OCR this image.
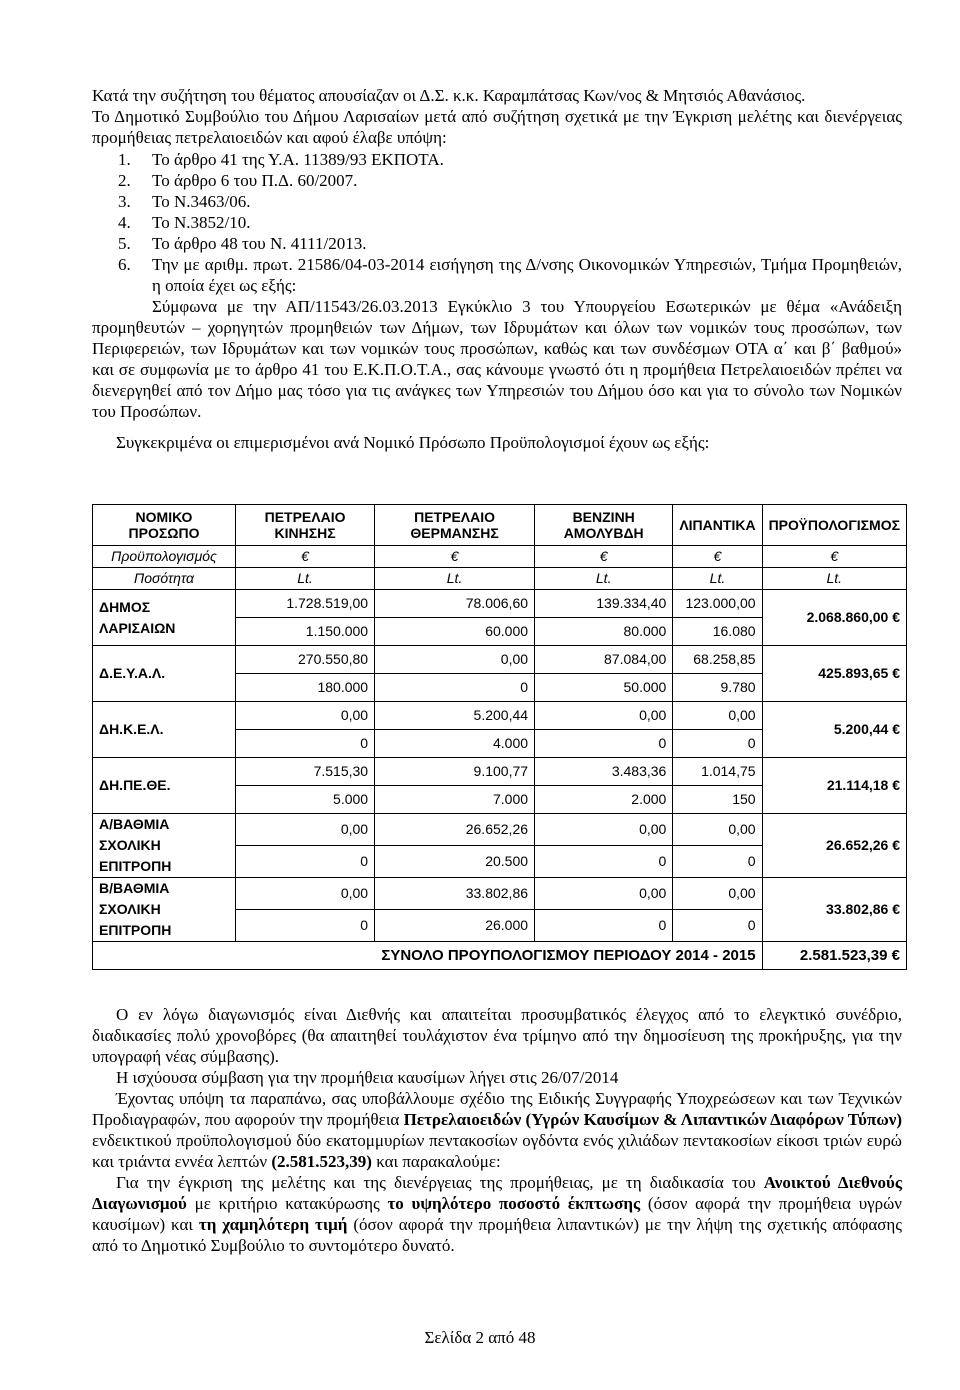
Κατά την συζήτηση του θέματος απουσίαζαν οι Δ.Σ. κ.κ. Καραμπάτσας Κων/νος & Μητσιός Αθανάσιος.

Το Δημοτικό Συμβούλιο του Δήμου Λαρισαίων μετά από συζήτηση σχετικά με την Έγκριση μελέτης και διενέργειας προμήθειας πετρελαιοειδών και αφού έλαβε υπόψη:

1. Το άρθρο 41 της Υ.Α. 11389/93 ΕΚΠΟΤΑ.
2. Το άρθρο 6 του Π.Δ. 60/2007.
3. Το Ν.3463/06.
4. Το Ν.3852/10.
5. Το άρθρο 48 του Ν. 4111/2013.
6. Την με αριθμ. πρωτ. 21586/04-03-2014 εισήγηση της Δ/νσης Οικονομικών Υπηρεσιών, Τμήμα Προμηθειών, η οποία έχει ως εξής:

Σύμφωνα με την ΑΠ/11543/26.03.2013 Εγκύκλιο 3 του Υπουργείου Εσωτερικών με θέμα «Ανάδειξη προμηθευτών – χορηγητών προμηθειών των Δήμων, των Ιδρυμάτων και όλων των νομικών τους προσώπων, των Περιφερειών, των Ιδρυμάτων και των νομικών τους προσώπων, καθώς και των συνδέσμων ΟΤΑ α΄ και β΄ βαθμού» και σε συμφωνία με το άρθρο 41 του Ε.Κ.Π.Ο.Τ.Α., σας κάνουμε γνωστό ότι η προμήθεια Πετρελαιοειδών πρέπει να διενεργηθεί από τον Δήμο μας τόσο για τις ανάγκες των Υπηρεσιών του Δήμου όσο και για το σύνολο των Νομικών του Προσώπων.

Συγκεκριμένα οι επιμερισμένοι ανά Νομικό Πρόσωπο Προϋπολογισμοί έχουν ως εξής:

ΝΟΜΙΚΟ ΠΡΟΣΩΠΟ	ΠΕΤΡΕΛΑΙΟ ΚΙΝΗΣΗΣ	ΠΕΤΡΕΛΑΙΟ ΘΕΡΜΑΝΣΗΣ	ΒΕΝΖΙΝΗ ΑΜΟΛΥΒΔΗ	ΛΙΠΑΝΤΙΚΑ	ΠΡΟΫΠΟΛΟΓΙΣΜΟΣ
Προϋπολογισμός	€	€	€	€	€
Ποσότητα	Lt.	Lt.	Lt.	Lt.	Lt.
ΔΗΜΟΣ ΛΑΡΙΣΑΙΩΝ	1.728.519,00	78.006,60	139.334,40	123.000,00	2.068.860,00 €
	1.150.000	60.000	80.000	16.080	
Δ.Ε.Υ.Α.Λ.	270.550,80	0,00	87.084,00	68.258,85	425.893,65 €
	180.000	0	50.000	9.780	
ΔΗ.Κ.Ε.Λ.	0,00	5.200,44	0,00	0,00	5.200,44 €
	0	4.000	0	0	
ΔΗ.ΠΕ.ΘΕ.	7.515,30	9.100,77	3.483,36	1.014,75	21.114,18 €
	5.000	7.000	2.000	150	
Α/ΒΑΘΜΙΑ ΣΧΟΛΙΚΗ ΕΠΙΤΡΟΠΗ	0,00	26.652,26	0,00	0,00	26.652,26 €
	0	20.500	0	0	
Β/ΒΑΘΜΙΑ ΣΧΟΛΙΚΗ ΕΠΙΤΡΟΠΗ	0,00	33.802,86	0,00	0,00	33.802,86 €
	0	26.000	0	0	
ΣΥΝΟΛΟ ΠΡΟΥΠΟΛΟΓΙΣΜΟΥ ΠΕΡΙΟΔΟΥ 2014 - 2015					2.581.523,39 €

Ο εν λόγω διαγωνισμός είναι Διεθνής και απαιτείται προσυμβατικός έλεγχος από το ελεγκτικό συνέδριο, διαδικασίες πολύ χρονοβόρες (θα απαιτηθεί τουλάχιστον ένα τρίμηνο από την δημοσίευση της προκήρυξης, για την υπογραφή νέας σύμβασης).

Η ισχύουσα σύμβαση για την προμήθεια καυσίμων λήγει στις 26/07/2014

Έχοντας υπόψη τα παραπάνω, σας υποβάλλουμε σχέδιο της Ειδικής Συγγραφής Υποχρεώσεων και των Τεχνικών Προδιαγραφών, που αφορούν την προμήθεια Πετρελαιοειδών (Υγρών Καυσίμων & Λιπαντικών Διαφόρων Τύπων) ενδεικτικού προϋπολογισμού δύο εκατομμυρίων πεντακοσίων ογδόντα ενός χιλιάδων πεντακοσίων είκοσι τριών ευρώ και τριάντα εννέα λεπτών (2.581.523,39) και παρακαλούμε:

Για την έγκριση της μελέτης και της διενέργειας της προμήθειας, με τη διαδικασία του Ανοικτού Διεθνούς Διαγωνισμού με κριτήριο κατακύρωσης το υψηλότερο ποσοστό έκπτωσης (όσον αφορά την προμήθεια υγρών καυσίμων) και τη χαμηλότερη τιμή (όσον αφορά την προμήθεια λιπαντικών) με την λήψη της σχετικής απόφασης από το Δημοτικό Συμβούλιο το συντομότερο δυνατό.

Σελίδα 2 από 48
